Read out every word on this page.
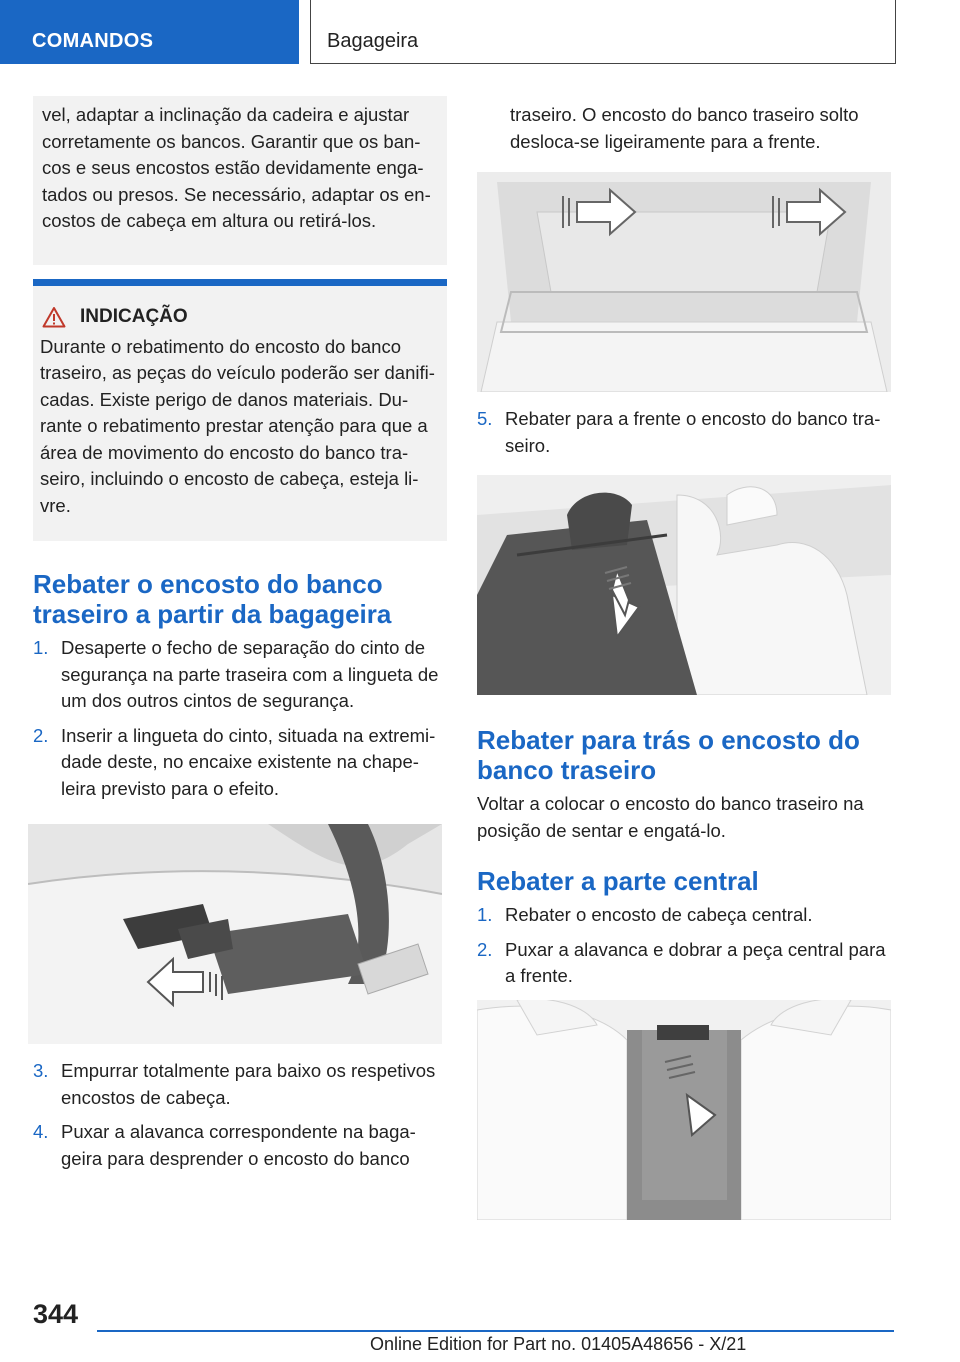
COMANDOS	Bagageira
vel, adaptar a inclinação da cadeira e ajustar corretamente os bancos. Garantir que os bancos e seus encostos estão devidamente engatados ou presos. Se necessário, adaptar os encostos de cabeça em altura ou retirá-los.
INDICAÇÃO
Durante o rebatimento do encosto do banco traseiro, as peças do veículo poderão ser danificadas. Existe perigo de danos materiais. Durante o rebatimento prestar atenção para que a área de movimento do encosto do banco traseiro, incluindo o encosto de cabeça, esteja livre.
Rebater o encosto do banco traseiro a partir da bagageira
1. Desaperte o fecho de separação do cinto de segurança na parte traseira com a lingueta de um dos outros cintos de segurança.
2. Inserir a lingueta do cinto, situada na extremidade deste, no encaixe existente na chapeleira previsto para o efeito.
3. Empurrar totalmente para baixo os respetivos encostos de cabeça.
4. Puxar a alavanca correspondente na bagageira para desprender o encosto do banco
traseiro. O encosto do banco traseiro solto desloca-se ligeiramente para a frente.
5. Rebater para a frente o encosto do banco traseiro.
Rebater para trás o encosto do banco traseiro
Voltar a colocar o encosto do banco traseiro na posição de sentar e engatá-lo.
Rebater a parte central
1. Rebater o encosto de cabeça central.
2. Puxar a alavanca e dobrar a peça central para a frente.
344
Online Edition for Part no. 01405A48656 - X/21
